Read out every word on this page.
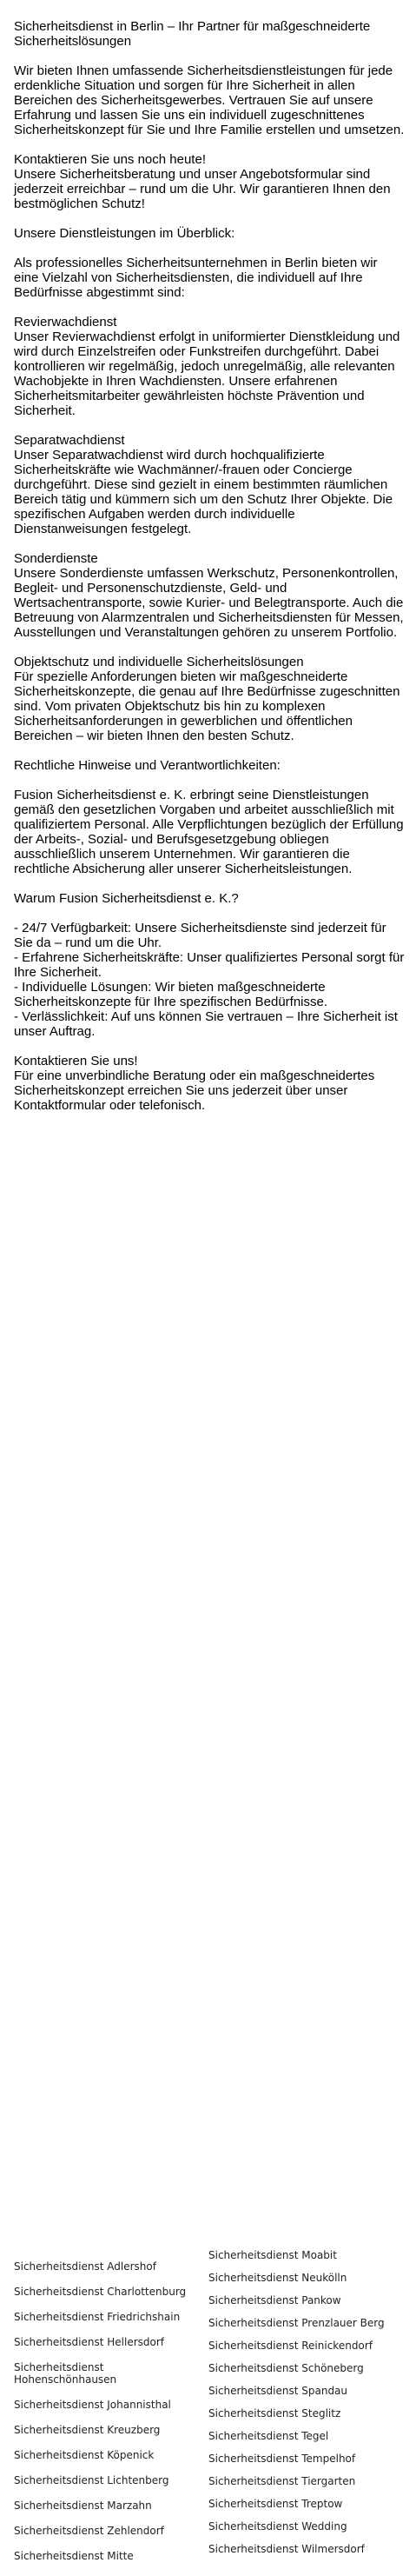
Sicherheitsdienst in Berlin – Ihr Partner für maßgeschneiderte Sicherheitslösungen

Wir bieten Ihnen umfassende Sicherheitsdienstleistungen für jede erdenkliche Situation und sorgen für Ihre Sicherheit in allen Bereichen des Sicherheitsgewerbes. Vertrauen Sie auf unsere Erfahrung und lassen Sie uns ein individuell zugeschnittenes Sicherheitskonzept für Sie und Ihre Familie erstellen und umsetzen.

Kontaktieren Sie uns noch heute!
Unsere Sicherheitsberatung und unser Angebotsformular sind jederzeit erreichbar – rund um die Uhr. Wir garantieren Ihnen den bestmöglichen Schutz!

Unsere Dienstleistungen im Überblick:

Als professionelles Sicherheitsunternehmen in Berlin bieten wir eine Vielzahl von Sicherheitsdiensten, die individuell auf Ihre Bedürfnisse abgestimmt sind:

Revierwachdienst
Unser Revierwachdienst erfolgt in uniformierter Dienstkleidung und wird durch Einzelstreifen oder Funkstreifen durchgeführt. Dabei kontrollieren wir regelmäßig, jedoch unregelmäßig, alle relevanten Wachobjekte in Ihren Wachdiensten. Unsere erfahrenen Sicherheitsmitarbeiter gewährleisten höchste Prävention und Sicherheit.

Separatwachdienst
Unser Separatwachdienst wird durch hochqualifizierte Sicherheitskräfte wie Wachmänner/-frauen oder Concierge durchgeführt. Diese sind gezielt in einem bestimmten räumlichen Bereich tätig und kümmern sich um den Schutz Ihrer Objekte. Die spezifischen Aufgaben werden durch individuelle Dienstanweisungen festgelegt.

Sonderdienste
Unsere Sonderdienste umfassen Werkschutz, Personenkontrollen, Begleit- und Personenschutzdienste, Geld- und Wertsachentransporte, sowie Kurier- und Belegtransporte. Auch die Betreuung von Alarmzentralen und Sicherheitsdiensten für Messen, Ausstellungen und Veranstaltungen gehören zu unserem Portfolio.

Objektschutz und individuelle Sicherheitslösungen
Für spezielle Anforderungen bieten wir maßgeschneiderte Sicherheitskonzepte, die genau auf Ihre Bedürfnisse zugeschnitten sind. Vom privaten Objektschutz bis hin zu komplexen Sicherheitsanforderungen in gewerblichen und öffentlichen Bereichen – wir bieten Ihnen den besten Schutz.

Rechtliche Hinweise und Verantwortlichkeiten:

Fusion Sicherheitsdienst e. K. erbringt seine Dienstleistungen gemäß den gesetzlichen Vorgaben und arbeitet ausschließlich mit qualifiziertem Personal. Alle Verpflichtungen bezüglich der Erfüllung der Arbeits-, Sozial- und Berufsgesetzgebung obliegen ausschließlich unserem Unternehmen. Wir garantieren die rechtliche Absicherung aller unserer Sicherheitsleistungen.

Warum Fusion Sicherheitsdienst e. K.?

- 24/7 Verfügbarkeit: Unsere Sicherheitsdienste sind jederzeit für Sie da – rund um die Uhr.
- Erfahrene Sicherheitskräfte: Unser qualifiziertes Personal sorgt für Ihre Sicherheit.
- Individuelle Lösungen: Wir bieten maßgeschneiderte Sicherheitskonzepte für Ihre spezifischen Bedürfnisse.
- Verlässlichkeit: Auf uns können Sie vertrauen – Ihre Sicherheit ist unser Auftrag.

Kontaktieren Sie uns!
Für eine unverbindliche Beratung oder ein maßgeschneidertes Sicherheitskonzept erreichen Sie uns jederzeit über unser Kontaktformular oder telefonisch.

Sicherheitsdienst Adlershof
Sicherheitsdienst Charlottenburg
Sicherheitsdienst Friedrichshain
Sicherheitsdienst Hellersdorf
Sicherheitsdienst Hohenschönhausen
Sicherheitsdienst Johannisthal
Sicherheitsdienst Kreuzberg
Sicherheitsdienst Köpenick
Sicherheitsdienst Lichtenberg
Sicherheitsdienst Marzahn
Sicherheitsdienst Zehlendorf
Sicherheitsdienst Mitte
Sicherheitsdienst Moabit
Sicherheitsdienst Neukölln
Sicherheitsdienst Pankow
Sicherheitsdienst Prenzlauer Berg
Sicherheitsdienst Reinickendorf
Sicherheitsdienst Schöneberg
Sicherheitsdienst Spandau
Sicherheitsdienst Steglitz
Sicherheitsdienst Tegel
Sicherheitsdienst Tempelhof
Sicherheitsdienst Tiergarten
Sicherheitsdienst Treptow
Sicherheitsdienst Wedding
Sicherheitsdienst Wilmersdorf
